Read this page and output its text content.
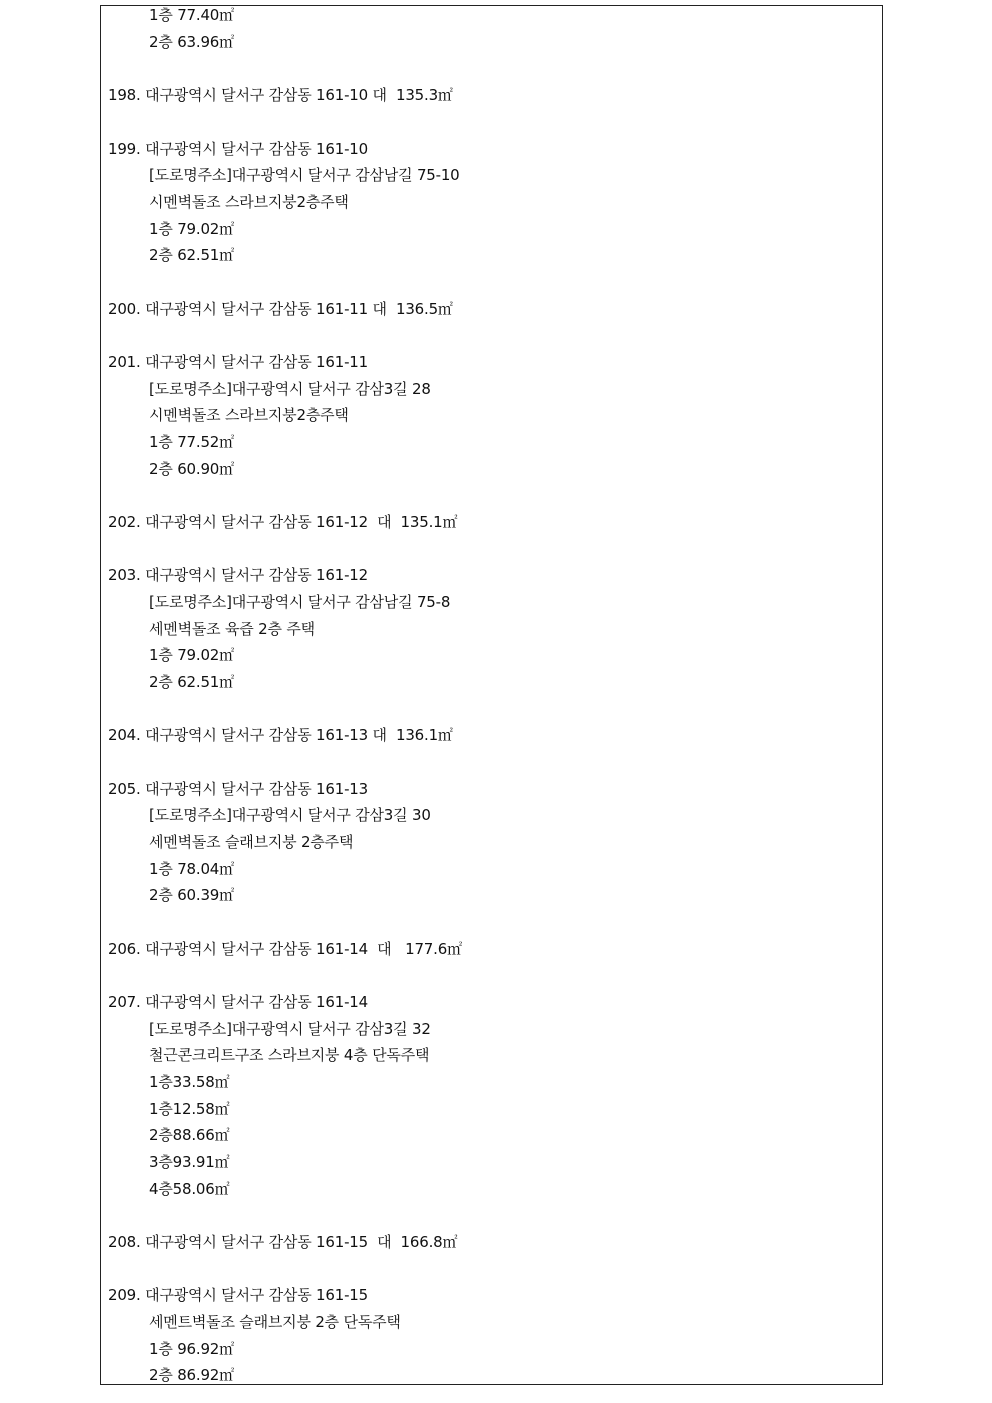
1층 77.40㎡
2층 63.96㎡
198. 대구광역시 달서구 감삼동 161-10 대  135.3㎡
199. 대구광역시 달서구 감삼동 161-10
[도로명주소]대구광역시 달서구 감삼남길 75-10
시멘벽돌조 스라브지붕2층주택
1층 79.02㎡
2층 62.51㎡
200. 대구광역시 달서구 감삼동 161-11 대  136.5㎡
201. 대구광역시 달서구 감삼동 161-11
[도로명주소]대구광역시 달서구 감삼3길 28
시멘벽돌조 스라브지붕2층주택
1층 77.52㎡
2층 60.90㎡
202. 대구광역시 달서구 감삼동 161-12  대  135.1㎡
203. 대구광역시 달서구 감삼동 161-12
[도로명주소]대구광역시 달서구 감삼남길 75-8
세멘벽돌조 육즙 2층 주택
1층 79.02㎡
2층 62.51㎡
204. 대구광역시 달서구 감삼동 161-13 대  136.1㎡
205. 대구광역시 달서구 감삼동 161-13
[도로명주소]대구광역시 달서구 감삼3길 30
세멘벽돌조 슬래브지붕 2층주택
1층 78.04㎡
2층 60.39㎡
206. 대구광역시 달서구 감삼동 161-14  대   177.6㎡
207. 대구광역시 달서구 감삼동 161-14
[도로명주소]대구광역시 달서구 감삼3길 32
철근콘크리트구조 스라브지붕 4층 단독주택
1층33.58㎡
1층12.58㎡
2층88.66㎡
3층93.91㎡
4층58.06㎡
208. 대구광역시 달서구 감삼동 161-15  대  166.8㎡
209. 대구광역시 달서구 감삼동 161-15
세멘트벽돌조 슬래브지붕 2층 단독주택
1층 96.92㎡
2층 86.92㎡
